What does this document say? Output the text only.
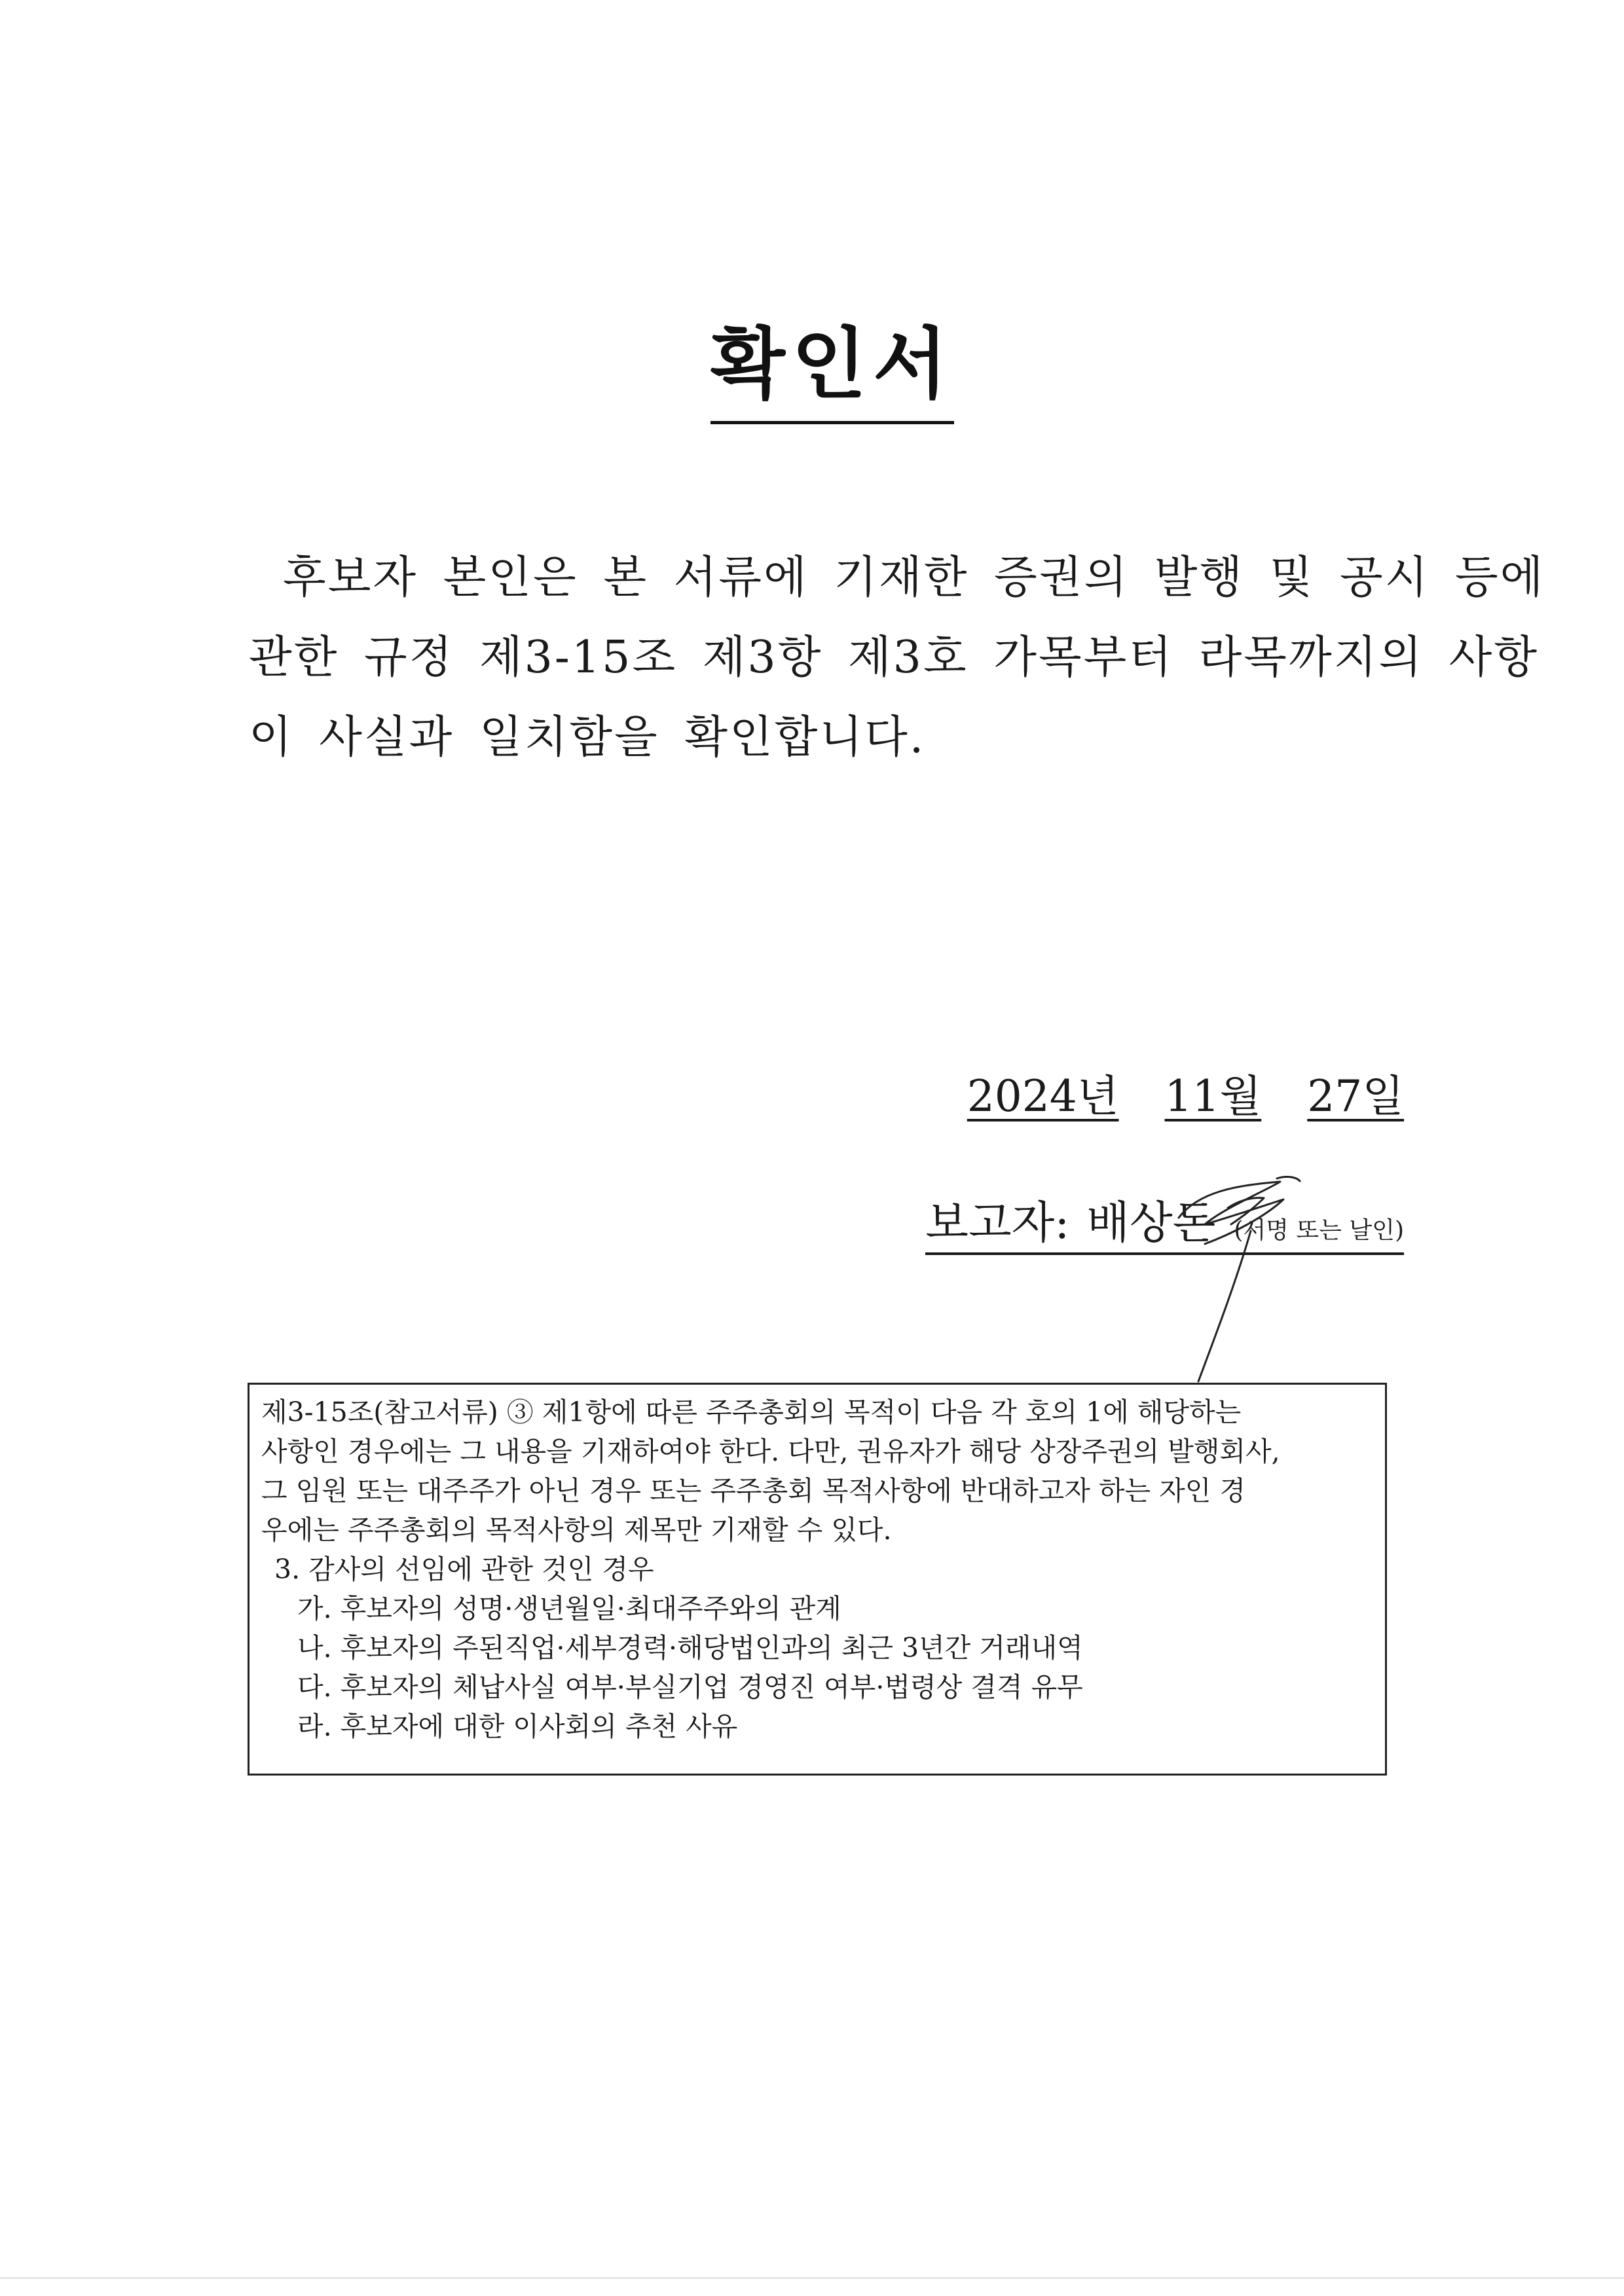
확인서

후보자 본인은 본 서류에 기재한 증권의 발행 및 공시 등에
관한 규정 제3-15조 제3항 제3호 가목부터 라목까지의 사항
이 사실과 일치함을 확인합니다.

2024년 11월 27일
보고자: 배상돈 (서명 또는 날인)
제3-15조(참고서류) ③ 제1항에 따른 주주총회의 목적이 다음 각 호의 1에 해당하는
사항인 경우에는 그 내용을 기재하여야 한다. 다만, 권유자가 해당 상장주권의 발행회사,
그 임원 또는 대주주가 아닌 경우 또는 주주총회 목적사항에 반대하고자 하는 자인 경
우에는 주주총회의 목적사항의 제목만 기재할 수 있다.
3. 감사의 선임에 관한 것인 경우
가. 후보자의 성명·생년월일·최대주주와의 관계
나. 후보자의 주된직업·세부경력·해당법인과의 최근 3년간 거래내역
다. 후보자의 체납사실 여부·부실기업 경영진 여부·법령상 결격 유무
라. 후보자에 대한 이사회의 추천 사유
